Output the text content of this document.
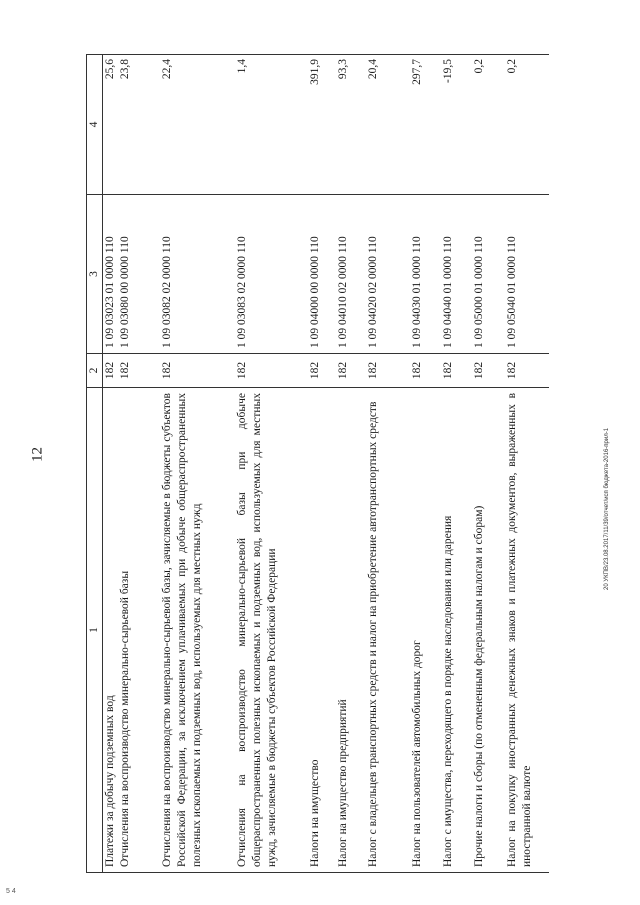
12
1	2	3	4
Платежи за добычу подземных вод	182	1 09 03023 01 0000 110	25,6
Отчисления на воспроизводство минерально-сырьевой базы	182	1 09 03080 00 0000 110	23,8
Отчисления на воспроизводство минерально-сырьевой базы, зачисляемые в бюджеты субъектов Российской Федерации, за исключением уплачиваемых при добыче общераспространенных полезных ископаемых и подземных вод, используемых для местных нужд	182	1 09 03082 02 0000 110	22,4
Отчисления на воспроизводство минерально-сырьевой базы при добыче общераспространенных полезных ископаемых и подземных вод, используемых для местных нужд, зачисляемые в бюджеты субъектов Российской Федерации	182	1 09 03083 02 0000 110	1,4
Налоги на имущество	182	1 09 04000 00 0000 110	391,9
Налог на имущество предприятий	182	1 09 04010 02 0000 110	93,3
Налог с владельцев транспортных средств и налог на приобретение автотранспортных средств	182	1 09 04020 02 0000 110	20,4
Налог на пользователей автомобильных дорог	182	1 09 04030 01 0000 110	297,7
Налог с имущества, переходящего в порядке наследования или дарения	182	1 09 04040 01 0000 110	-19,5
Прочие налоги и сборы (по отмененным федеральным налогам и сборам)	182	1 09 05000 01 0000 110	0,2
Налог на покупку иностранных денежных знаков и платежных документов, выраженных в иностранной валюте	182	1 09 05040 01 0000 110	0,2
20 УКПВ/23.08.2017/11/39/отчет/исп бюджета-2016-прил-1
5 4
